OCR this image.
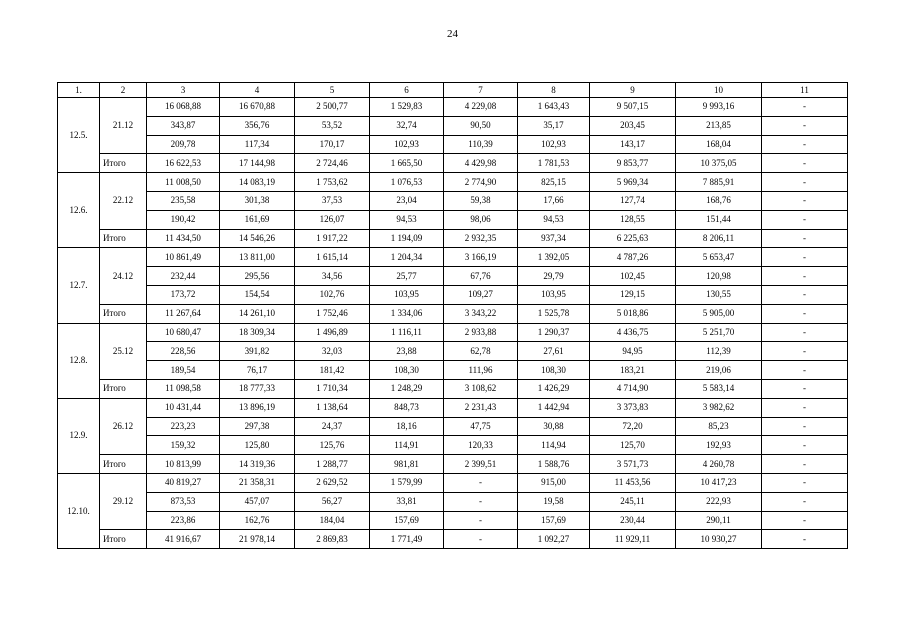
24
1.	2	3	4	5	6	7	8	9	10	11
12.5.	21.12	16 068,88	16 670,88	2 500,77	1 529,83	4 229,08	1 643,43	9 507,15	9 993,16	-
		343,87	356,76	53,52	32,74	90,50	35,17	203,45	213,85	-
		209,78	117,34	170,17	102,93	110,39	102,93	143,17	168,04	-
	Итого	16 622,53	17 144,98	2 724,46	1 665,50	4 429,98	1 781,53	9 853,77	10 375,05	-
12.6.	22.12	11 008,50	14 083,19	1 753,62	1 076,53	2 774,90	825,15	5 969,34	7 885,91	-
		235,58	301,38	37,53	23,04	59,38	17,66	127,74	168,76	-
		190,42	161,69	126,07	94,53	98,06	94,53	128,55	151,44	-
	Итого	11 434,50	14 546,26	1 917,22	1 194,09	2 932,35	937,34	6 225,63	8 206,11	-
12.7.	24.12	10 861,49	13 811,00	1 615,14	1 204,34	3 166,19	1 392,05	4 787,26	5 653,47	-
		232,44	295,56	34,56	25,77	67,76	29,79	102,45	120,98	-
		173,72	154,54	102,76	103,95	109,27	103,95	129,15	130,55	-
	Итого	11 267,64	14 261,10	1 752,46	1 334,06	3 343,22	1 525,78	5 018,86	5 905,00	-
12.8.	25.12	10 680,47	18 309,34	1 496,89	1 116,11	2 933,88	1 290,37	4 436,75	5 251,70	-
		228,56	391,82	32,03	23,88	62,78	27,61	94,95	112,39	-
		189,54	76,17	181,42	108,30	111,96	108,30	183,21	219,06	-
	Итого	11 098,58	18 777,33	1 710,34	1 248,29	3 108,62	1 426,29	4 714,90	5 583,14	-
12.9.	26.12	10 431,44	13 896,19	1 138,64	848,73	2 231,43	1 442,94	3 373,83	3 982,62	-
		223,23	297,38	24,37	18,16	47,75	30,88	72,20	85,23	-
		159,32	125,80	125,76	114,91	120,33	114,94	125,70	192,93	-
	Итого	10 813,99	14 319,36	1 288,77	981,81	2 399,51	1 588,76	3 571,73	4 260,78	-
12.10.	29.12	40 819,27	21 358,31	2 629,52	1 579,99	-	915,00	11 453,56	10 417,23	-
		873,53	457,07	56,27	33,81	-	19,58	245,11	222,93	-
		223,86	162,76	184,04	157,69	-	157,69	230,44	290,11	-
	Итого	41 916,67	21 978,14	2 869,83	1 771,49	-	1 092,27	11 929,11	10 930,27	-
